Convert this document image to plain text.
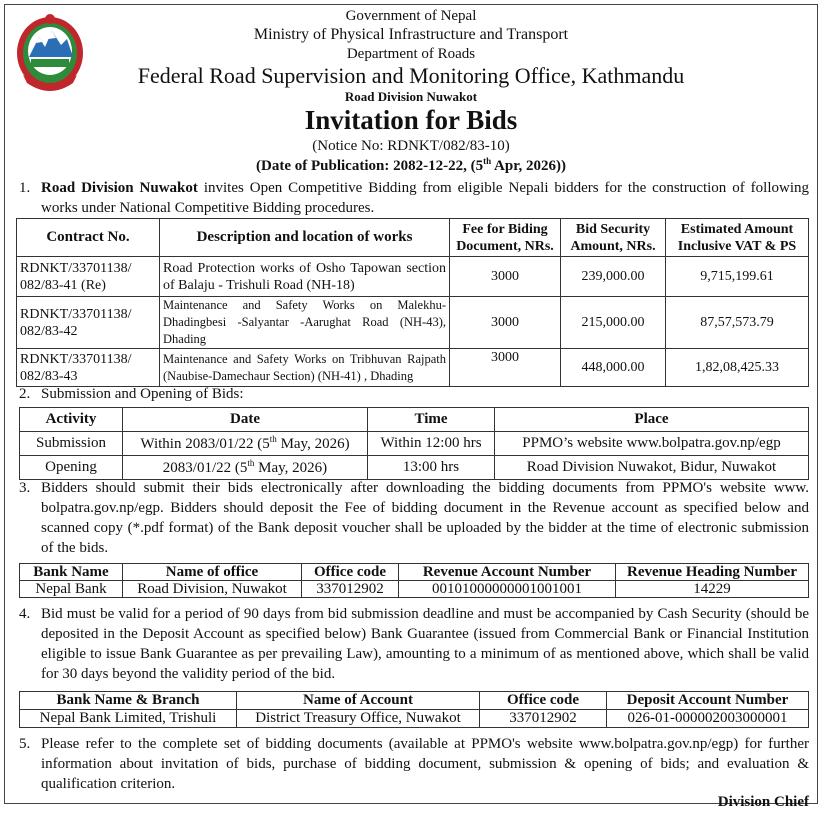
Government of Nepal
Ministry of Physical Infrastructure and Transport
Department of Roads
Federal Road Supervision and Monitoring Office, Kathmandu
Road Division Nuwakot
Invitation for Bids
(Notice No: RDNKT/082/83-10)
(Date of Publication: 2082-12-22, (5th Apr, 2026))
1. Road Division Nuwakot invites Open Competitive Bidding from eligible Nepali bidders for the construction of following works under National Competitive Bidding procedures.
Contract No.	Description and location of works	Fee for Biding Document, NRs.	Bid Security Amount, NRs.	Estimated Amount Inclusive VAT & PS
RDNKT/33701138/ 082/83-41 (Re)	Road Protection works of Osho Tapowan section of Balaju - Trishuli Road (NH-18)	3000	239,000.00	9,715,199.61
RDNKT/33701138/ 082/83-42	Maintenance and Safety Works on Malekhu- Dhadingbesi -Salyantar -Aarughat Road (NH-43), Dhading	3000	215,000.00	87,57,573.79
RDNKT/33701138/ 082/83-43	Maintenance and Safety Works on Tribhuvan Rajpath (Naubise-Damechaur Section) (NH-41) , Dhading	3000	448,000.00	1,82,08,425.33
2. Submission and Opening of Bids:
Activity	Date	Time	Place
Submission	Within 2083/01/22 (5th May, 2026)	Within 12:00 hrs	PPMO’s website www.bolpatra.gov.np/egp
Opening	2083/01/22 (5th May, 2026)	13:00 hrs	Road Division Nuwakot, Bidur, Nuwakot
3. Bidders should submit their bids electronically after downloading the bidding documents from PPMO's website www. bolpatra.gov.np/egp. Bidders should deposit the Fee of bidding document in the Revenue account as specified below and scanned copy (*.pdf format) of the Bank deposit voucher shall be uploaded by the bidder at the time of electronic submission of the bids.
Bank Name	Name of office	Office code	Revenue Account Number	Revenue Heading Number
Nepal Bank	Road Division, Nuwakot	337012902	00101000000001001001	14229
4. Bid must be valid for a period of 90 days from bid submission deadline and must be accompanied by Cash Security (should be deposited in the Deposit Account as specified below) Bank Guarantee (issued from Commercial Bank or Financial Institution eligible to issue Bank Guarantee as per prevailing Law), amounting to a minimum of as mentioned above, which shall be valid for 30 days beyond the validity period of the bid.
Bank Name & Branch	Name of Account	Office code	Deposit Account Number
Nepal Bank Limited, Trishuli	District Treasury Office, Nuwakot	337012902	026-01-000002003000001
5. Please refer to the complete set of bidding documents (available at PPMO's website www.bolpatra.gov.np/egp) for further information about invitation of bids, purchase of bidding document, submission & opening of bids; and evaluation & qualification criterion.
Division Chief
